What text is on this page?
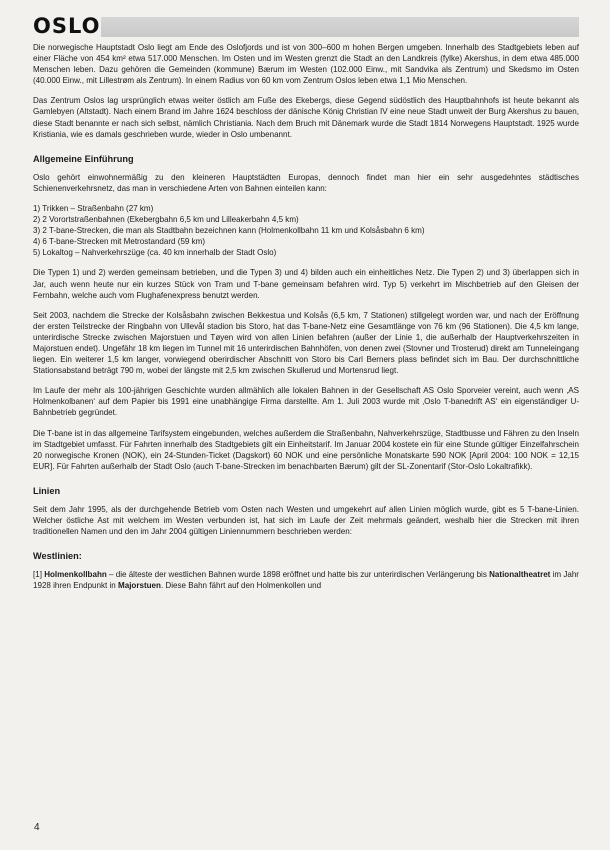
OSLO

Die norwegische Hauptstadt Oslo liegt am Ende des Oslofjords und ist von 300–600 m hohen Bergen umgeben. Innerhalb des Stadtgebiets leben auf einer Fläche von 454 km² etwa 517.000 Menschen. Im Osten und im Westen grenzt die Stadt an den Landkreis (fylke) Akershus, in dem etwa 485.000 Menschen leben. Dazu gehören die Gemeinden (kommune) Bærum im Westen (102.000 Einw., mit Sandvika als Zentrum) und Skedsmo im Osten (40.000 Einw., mit Lillestrøm als Zentrum). In einem Radius von 60 km vom Zentrum Oslos leben etwa 1,1 Mio Menschen.

Das Zentrum Oslos lag ursprünglich etwas weiter östlich am Fuße des Ekebergs, diese Gegend südöstlich des Hauptbahnhofs ist heute bekannt als Gamlebyen (Altstadt). Nach einem Brand im Jahre 1624 beschloss der dänische König Christian IV eine neue Stadt unweit der Burg Akershus zu bauen, diese Stadt benannte er nach sich selbst, nämlich Christiania. Nach dem Bruch mit Dänemark wurde die Stadt 1814 Norwegens Hauptstadt. 1925 wurde Kristiania, wie es damals geschrieben wurde, wieder in Oslo umbenannt.

Allgemeine Einführung

Oslo gehört einwohnermäßig zu den kleineren Hauptstädten Europas, dennoch findet man hier ein sehr ausgedehntes städtisches Schienenverkehrsnetz, das man in verschiedene Arten von Bahnen einteilen kann:

1) Trikken – Straßenbahn (27 km)
2) 2 Vorortstraßenbahnen (Ekebergbahn 6,5 km und Lilleakerbahn 4,5 km)
3) 2 T-bane-Strecken, die man als Stadtbahn bezeichnen kann (Holmenkollbahn 11 km und Kolsåsbahn 6 km)
4) 6 T-bane-Strecken mit Metrostandard (59 km)
5) Lokaltog – Nahverkehrszüge (ca. 40 km innerhalb der Stadt Oslo)

Die Typen 1) und 2) werden gemeinsam betrieben, und die Typen 3) und 4) bilden auch ein einheitliches Netz. Die Typen 2) und 3) überlappen sich in Jar, auch wenn heute nur ein kurzes Stück von Tram und T-bane gemeinsam befahren wird. Typ 5) verkehrt im Mischbetrieb auf den Gleisen der Fernbahn, welche auch vom Flughafenexpress benutzt werden.

Seit 2003, nachdem die Strecke der Kolsåsbahn zwischen Bekkestua und Kolsås (6,5 km, 7 Stationen) stillgelegt worden war, und nach der Eröffnung der ersten Teilstrecke der Ringbahn von Ullevål stadion bis Storo, hat das T-bane-Netz eine Gesamtlänge von 76 km (96 Stationen). Die 4,5 km lange, unterirdische Strecke zwischen Majorstuen und Tøyen wird von allen Linien befahren (außer der Linie 1, die außerhalb der Hauptverkehrszeiten in Majorstuen endet). Ungefähr 18 km liegen im Tunnel mit 16 unterirdischen Bahnhöfen, von denen zwei (Stovner und Trosterud) direkt am Tunneleingang liegen. Ein weiterer 1,5 km langer, vorwiegend oberirdischer Abschnitt von Storo bis Carl Berners plass befindet sich im Bau. Der durchschnittliche Stationsabstand beträgt 790 m, wobei der längste mit 2,5 km zwischen Skullerud und Mortensrud liegt.

Im Laufe der mehr als 100-jährigen Geschichte wurden allmählich alle lokalen Bahnen in der Gesellschaft AS Oslo Sporveier vereint, auch wenn ‚AS Holmenkolbanen‘ auf dem Papier bis 1991 eine unabhängige Firma darstellte. Am 1. Juli 2003 wurde mit ‚Oslo T-banedrift AS‘ ein eigenständiger U-Bahnbetrieb gegründet.

Die T-bane ist in das allgemeine Tarifsystem eingebunden, welches außerdem die Straßenbahn, Nahverkehrszüge, Stadtbusse und Fähren zu den Inseln im Stadtgebiet umfasst. Für Fahrten innerhalb des Stadtgebiets gilt ein Einheitstarif. Im Januar 2004 kostete ein für eine Stunde gültiger Einzelfahrschein 20 norwegische Kronen (NOK), ein 24-Stunden-Ticket (Dagskort) 60 NOK und eine persönliche Monatskarte 590 NOK [April 2004: 100 NOK = 12,15 EUR]. Für Fahrten außerhalb der Stadt Oslo (auch T-bane-Strecken im benachbarten Bærum) gilt der SL-Zonentarif (Stor-Oslo Lokaltrafikk).

Linien

Seit dem Jahr 1995, als der durchgehende Betrieb vom Osten nach Westen und umgekehrt auf allen Linien möglich wurde, gibt es 5 T-bane-Linien. Welcher östliche Ast mit welchem im Westen verbunden ist, hat sich im Laufe der Zeit mehrmals geändert, weshalb hier die Strecken mit ihren traditionellen Namen und den im Jahr 2004 gültigen Liniennummern beschrieben werden:

Westlinien:

[1] Holmenkollbahn – die älteste der westlichen Bahnen wurde 1898 eröffnet und hatte bis zur unterirdischen Verlängerung bis Nationaltheatret im Jahr 1928 ihren Endpunkt in Majorstuen. Diese Bahn fährt auf den Holmenkollen und

4
